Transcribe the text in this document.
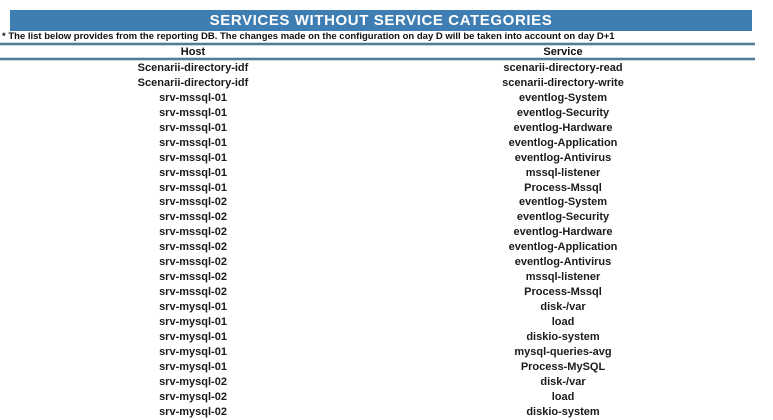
SERVICES WITHOUT SERVICE CATEGORIES
* The list below provides from the reporting DB. The changes made on the configuration on day D will be taken into account on day D+1
Host	Service
Scenarii-directory-idf	scenarii-directory-read
Scenarii-directory-idf	scenarii-directory-write
srv-mssql-01	eventlog-System
srv-mssql-01	eventlog-Security
srv-mssql-01	eventlog-Hardware
srv-mssql-01	eventlog-Application
srv-mssql-01	eventlog-Antivirus
srv-mssql-01	mssql-listener
srv-mssql-01	Process-Mssql
srv-mssql-02	eventlog-System
srv-mssql-02	eventlog-Security
srv-mssql-02	eventlog-Hardware
srv-mssql-02	eventlog-Application
srv-mssql-02	eventlog-Antivirus
srv-mssql-02	mssql-listener
srv-mssql-02	Process-Mssql
srv-mysql-01	disk-/var
srv-mysql-01	load
srv-mysql-01	diskio-system
srv-mysql-01	mysql-queries-avg
srv-mysql-01	Process-MySQL
srv-mysql-02	disk-/var
srv-mysql-02	load
srv-mysql-02	diskio-system
